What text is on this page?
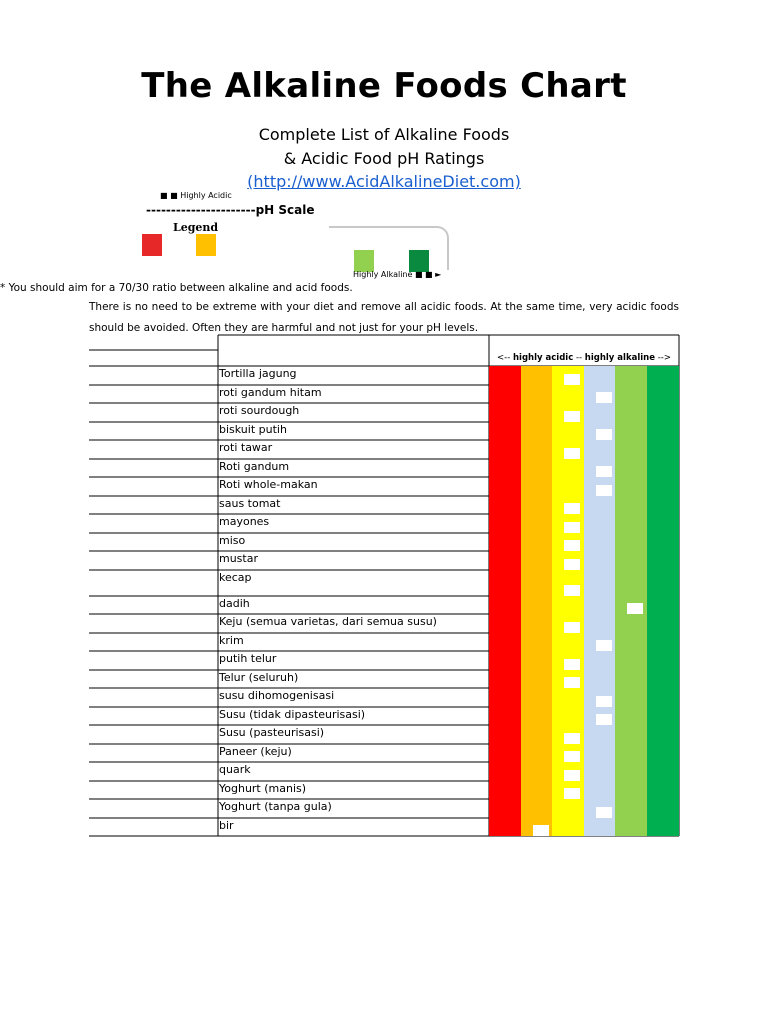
The Alkaline Foods Chart
Complete List of Alkaline Foods
& Acidic Food pH Ratings
(http://www.AcidAlkalineDiet.com)
■ ■ Highly Acidic
----------------------pH Scale
Legend
Highly Alkaline ■ ■ ►
* You should aim for a 70/30 ratio between alkaline and acid foods.
There is no need to be extreme with your diet and remove all acidic foods. At the same time, very acidic foods should be avoided. Often they are harmful and not just for your pH levels.
<-- highly acidic -- highly alkaline -->
Tortilla jagung
roti gandum hitam
roti sourdough
biskuit putih
roti tawar
Roti gandum
Roti whole-makan
saus tomat
mayones
miso
mustar
kecap
dadih
Keju (semua varietas, dari semua susu)
krim
putih telur
Telur (seluruh)
susu dihomogenisasi
Susu (tidak dipasteurisasi)
Susu (pasteurisasi)
Paneer (keju)
quark
Yoghurt (manis)
Yoghurt (tanpa gula)
bir
